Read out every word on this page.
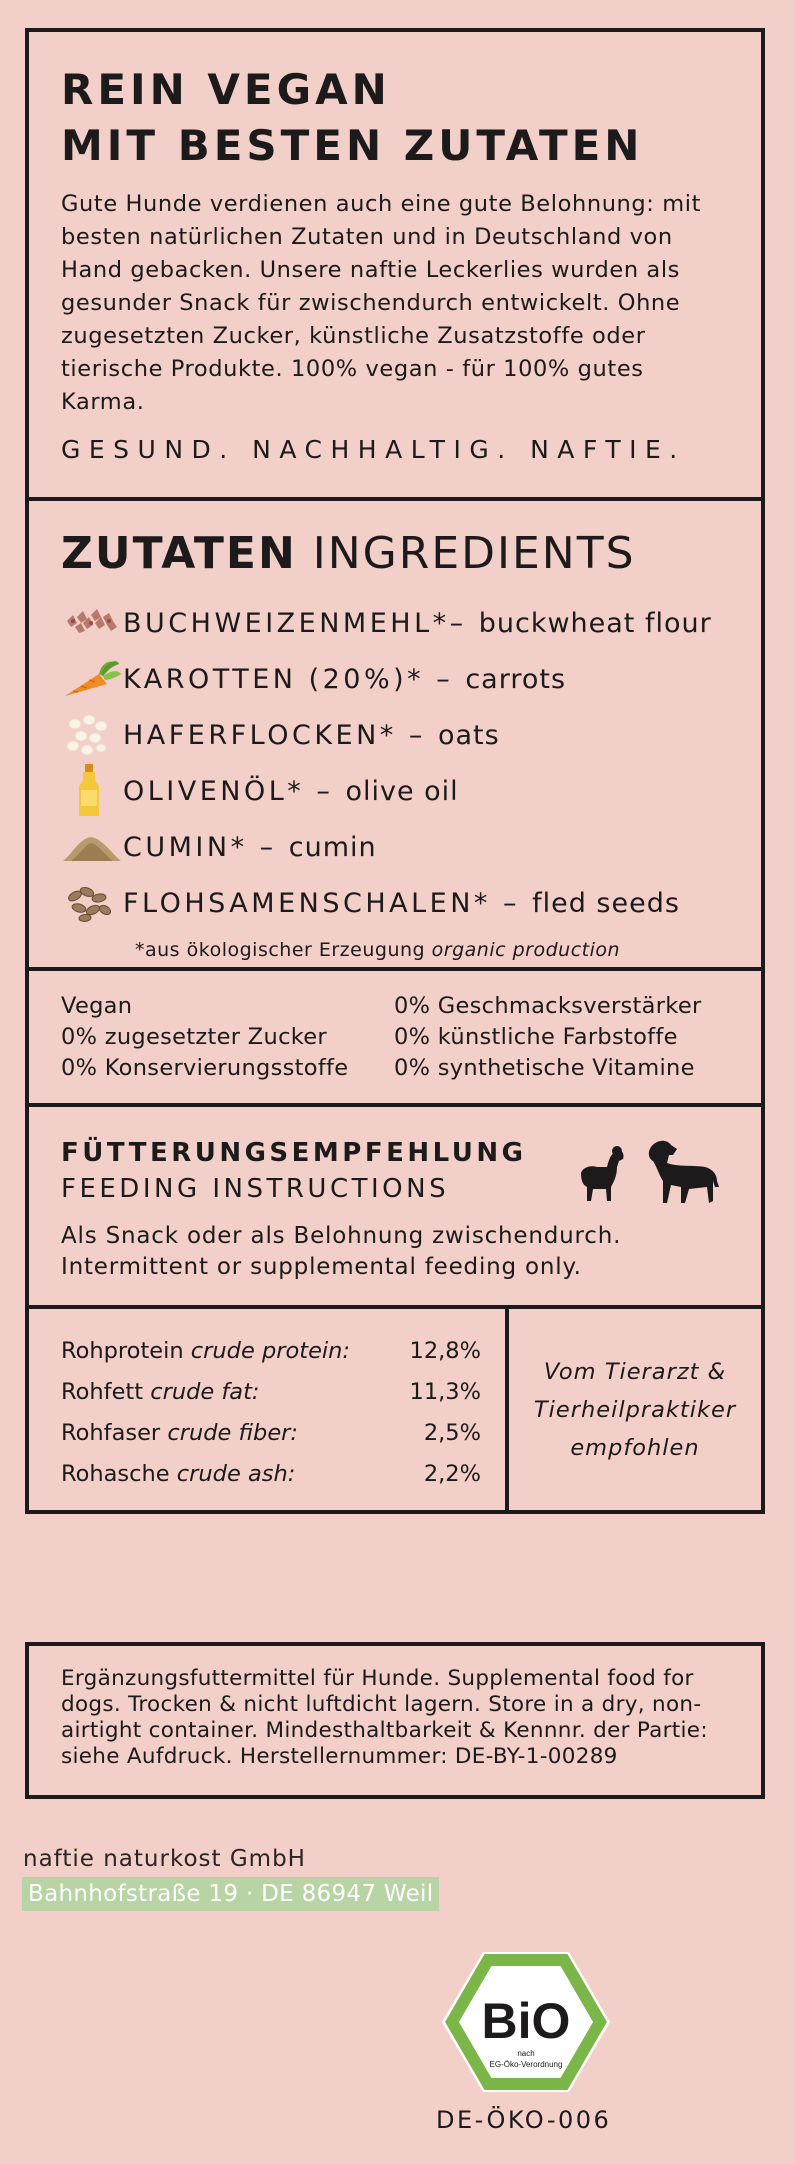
REIN VEGAN
MIT BESTEN ZUTATEN

Gute Hunde verdienen auch eine gute Belohnung: mit besten natürlichen Zutaten und in Deutschland von Hand gebacken. Unsere naftie Leckerlies wurden als gesunder Snack für zwischendurch entwickelt. Ohne zugesetzten Zucker, künstliche Zusatzstoffe oder tierische Produkte. 100% vegan - für 100% gutes Karma.

GESUND. NACHHALTIG. NAFTIE.
ZUTATEN INGREDIENTS
BUCHWEIZENMEHL*– buckwheat flour
KAROTTEN (20%)* – carrots
HAFERFLOCKEN* – oats
OLIVENÖL* – olive oil
CUMIN* – cumin
FLOHSAMENSCHALEN* – fled seeds
*aus ökologischer Erzeugung organic production
Vegan	0% Geschmacksverstärker
0% zugesetzter Zucker	0% künstliche Farbstoffe
0% Konservierungsstoffe	0% synthetische Vitamine
FÜTTERUNGSEMPFEHLUNG
FEEDING INSTRUCTIONS
Als Snack oder als Belohnung zwischendurch.
Intermittent or supplemental feeding only.
Rohprotein crude protein:	12,8%
Rohfett crude fat:	11,3%
Rohfaser crude fiber:	2,5%
Rohasche crude ash:	2,2%
Vom Tierarzt &
Tierheilpraktiker
empfohlen
Ergänzungsfuttermittel für Hunde. Supplemental food for dogs. Trocken & nicht luftdicht lagern. Store in a dry, non-airtight container. Mindesthaltbarkeit & Kennnr. der Partie: siehe Aufdruck. Herstellernummer: DE-BY-1-00289
naftie naturkost GmbH
Bahnhofstraße 19 · DE 86947 Weil
BiO
nach
EG-Öko-Verordnung
DE-ÖKO-006
